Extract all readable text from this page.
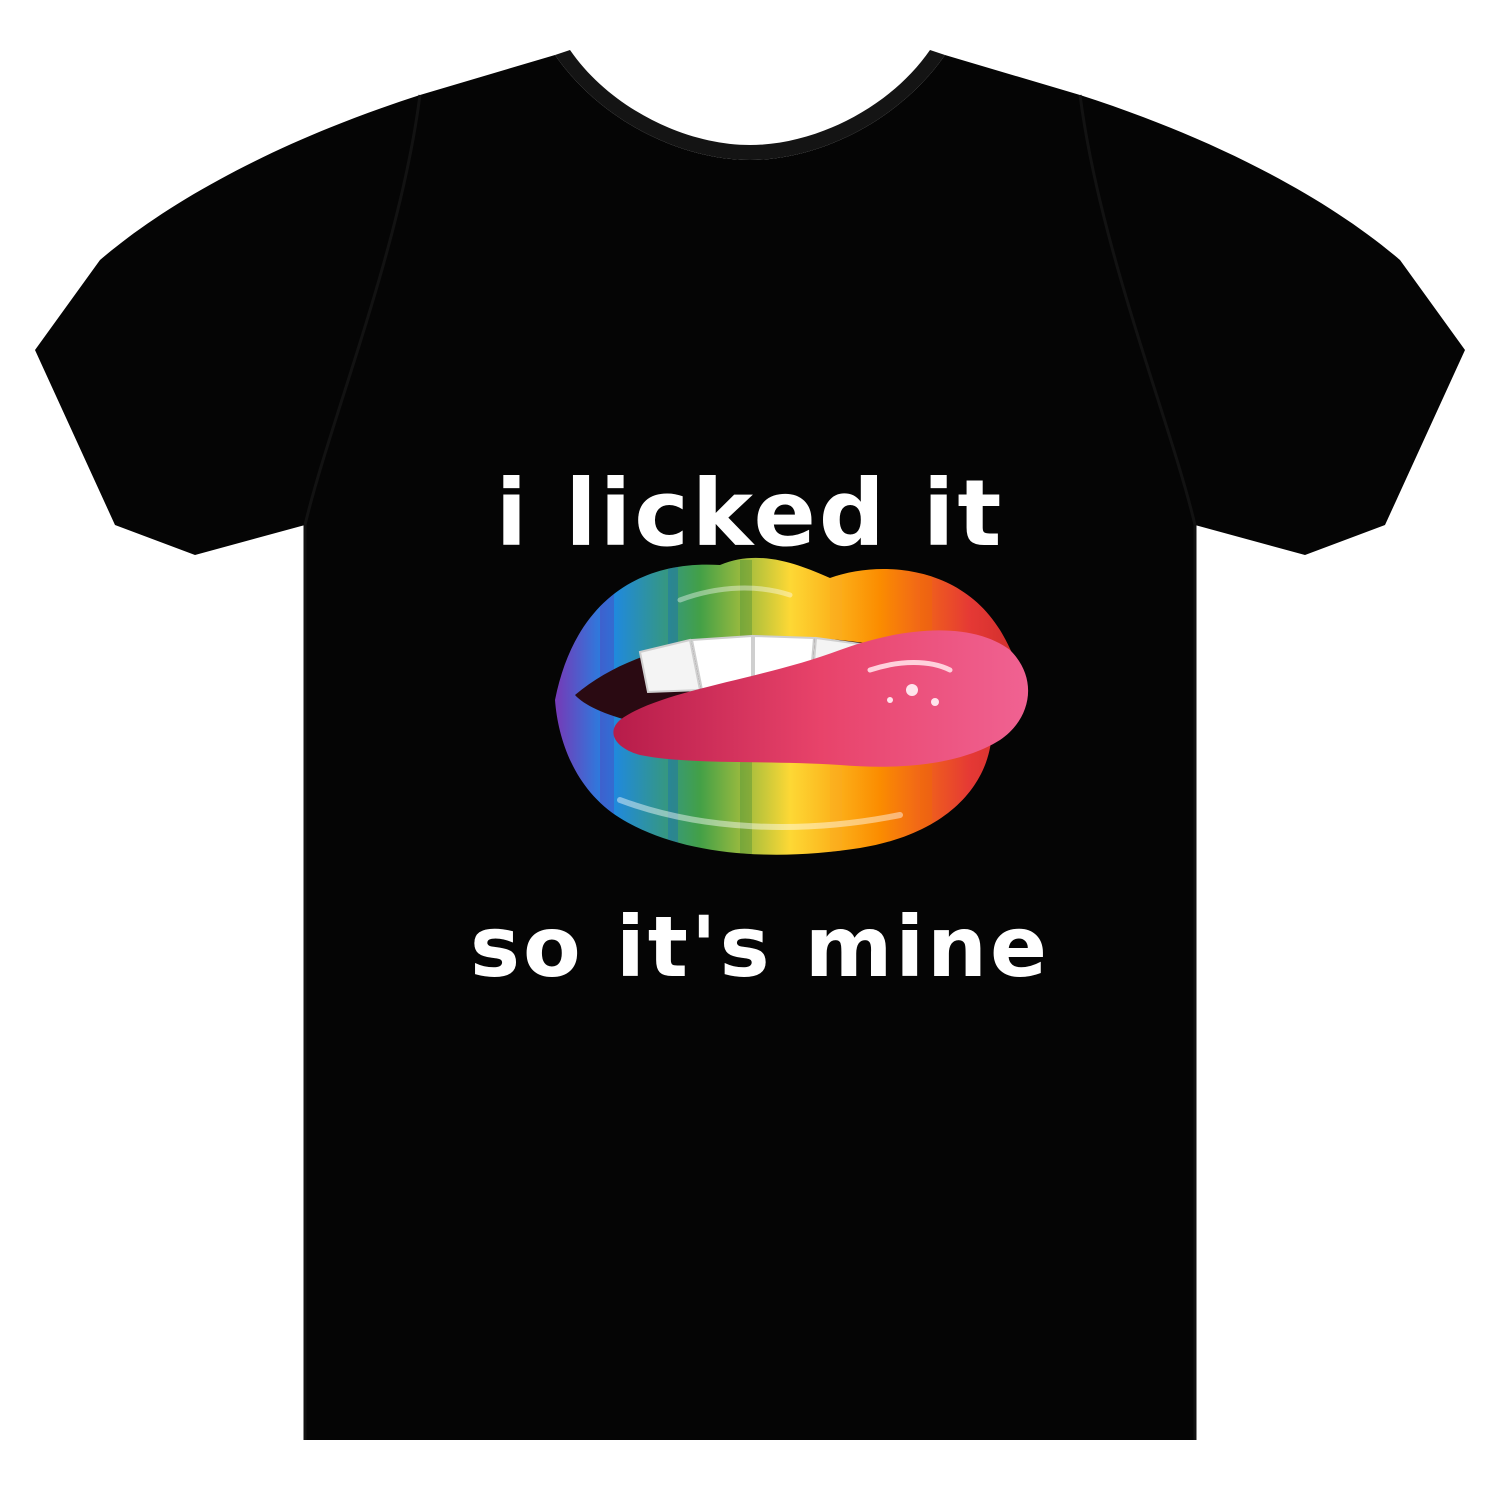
i licked it
so it's mine
